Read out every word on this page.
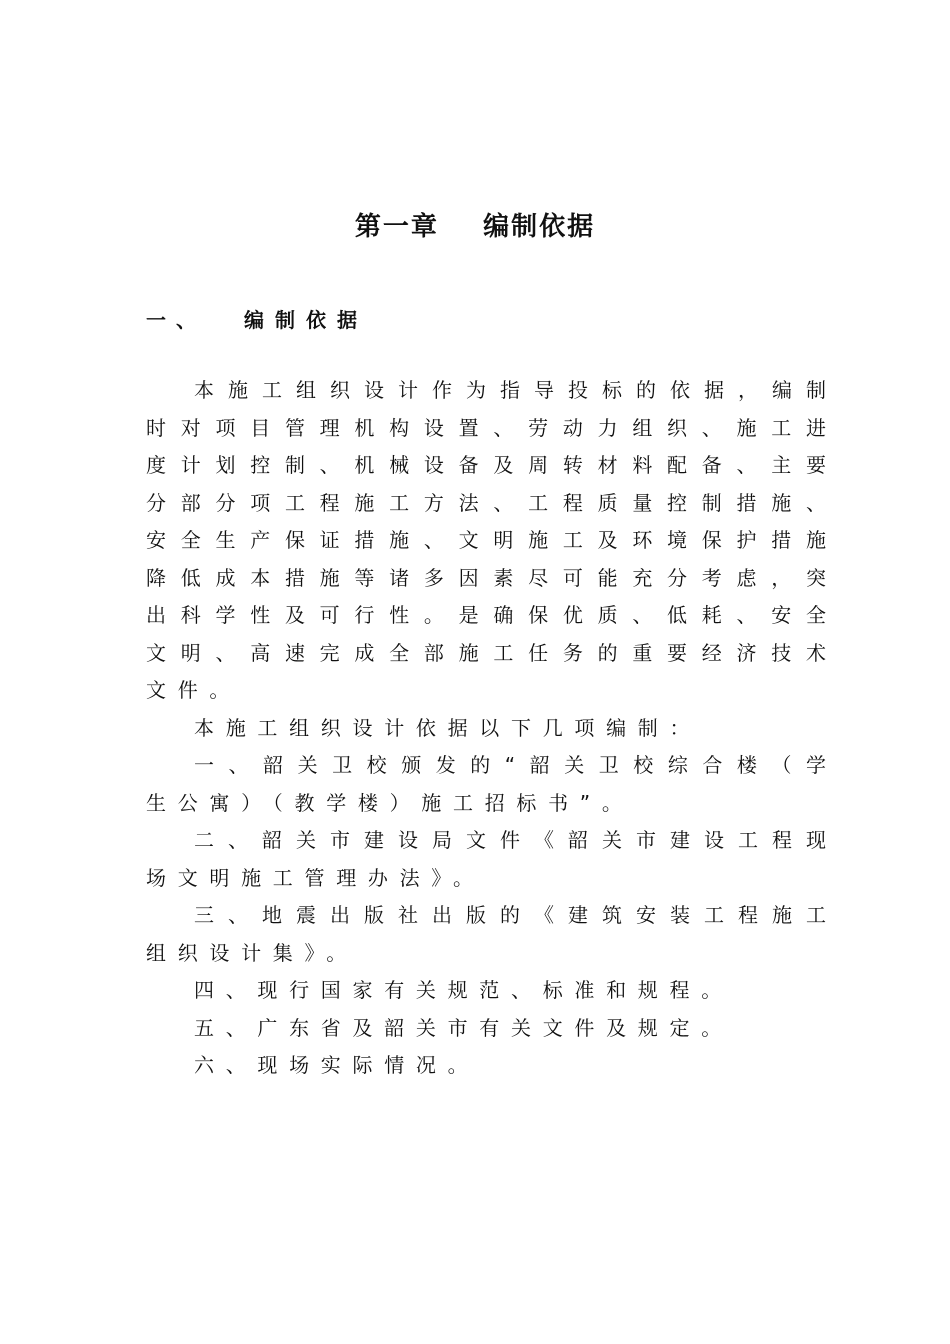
第一章    编制依据
一、 编制依据
本施工组织设计作为指导投标的依据，编制
时对项目管理机构设置、劳动力组织、施工进
度计划控制、机械设备及周转材料配备、主要
分部分项工程施工方法、工程质量控制措施、
安全生产保证措施、文明施工及环境保护措施
降低成本措施等诸多因素尽可能充分考虑，突
出科学性及可行性。是确保优质、低耗、安全
文明、高速完成全部施工任务的重要经济技术
文件。
本施工组织设计依据以下几项编制：
一、韶关卫校颁发的“韶关卫校综合楼（学
生公寓）（教学楼）施工招标书”。
二、韶关市建设局文件《韶关市建设工程现
场文明施工管理办法》。
三、地震出版社出版的《建筑安装工程施工
组织设计集》。
四、现行国家有关规范、标准和规程。
五、广东省及韶关市有关文件及规定。
六、现场实际情况。
